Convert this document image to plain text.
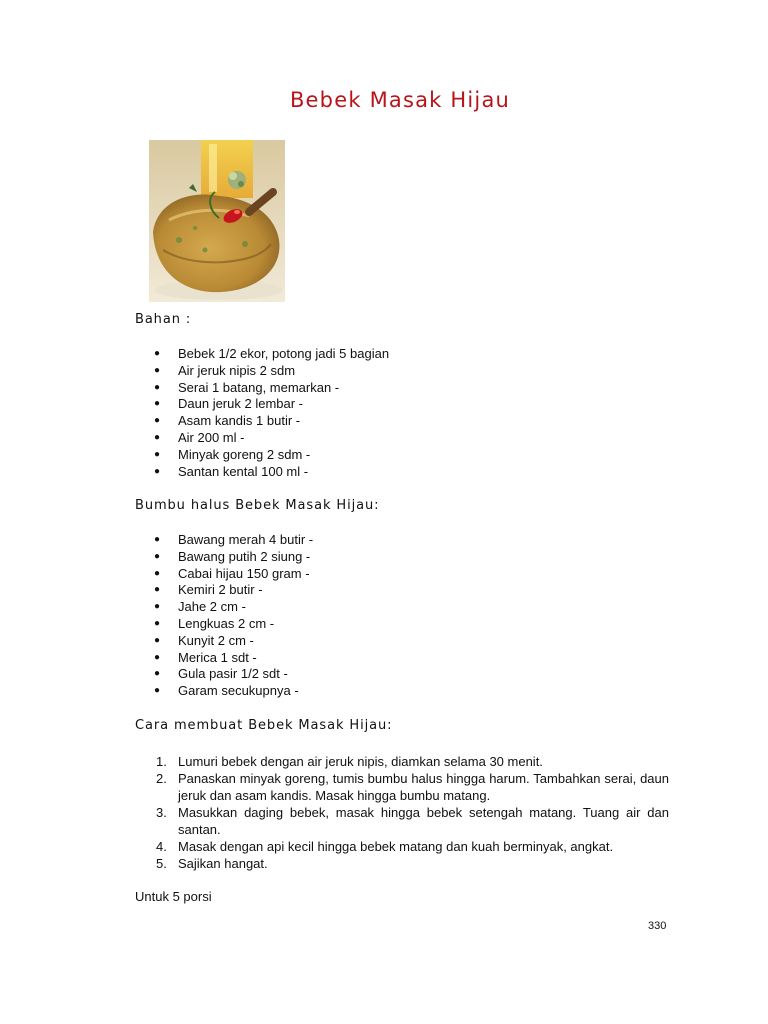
Bebek Masak Hijau
Bahan :
● Bebek 1/2 ekor, potong jadi 5 bagian
● Air jeruk nipis 2 sdm
● Serai 1 batang, memarkan -
● Daun jeruk 2 lembar -
● Asam kandis 1 butir -
● Air 200 ml -
● Minyak goreng 2 sdm -
● Santan kental 100 ml -
Bumbu halus Bebek Masak Hijau:
● Bawang merah 4 butir -
● Bawang putih 2 siung -
● Cabai hijau 150 gram -
● Kemiri 2 butir -
● Jahe 2 cm -
● Lengkuas 2 cm -
● Kunyit 2 cm -
● Merica 1 sdt -
● Gula pasir 1/2 sdt -
● Garam secukupnya -
Cara membuat Bebek Masak Hijau:
1. Lumuri bebek dengan air jeruk nipis, diamkan selama 30 menit.
2. Panaskan minyak goreng, tumis bumbu halus hingga harum. Tambahkan serai, daun jeruk dan asam kandis. Masak hingga bumbu matang.
3. Masukkan daging bebek, masak hingga bebek setengah matang. Tuang air dan santan.
4. Masak dengan api kecil hingga bebek matang dan kuah berminyak, angkat.
5. Sajikan hangat.
Untuk 5 porsi
330
